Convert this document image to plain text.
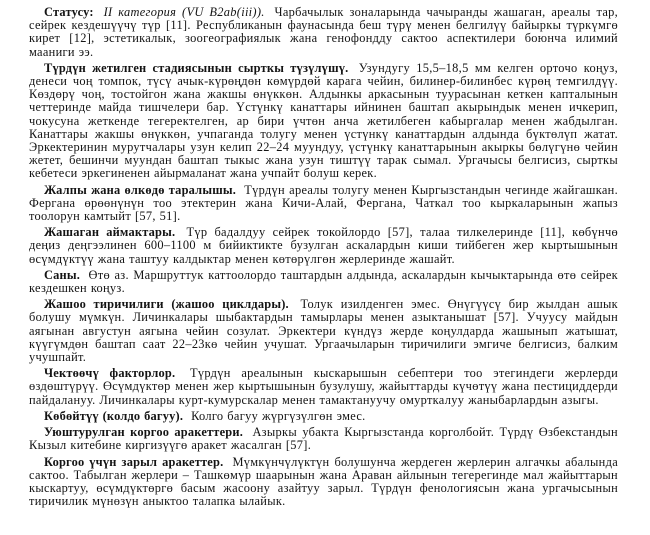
Статусу: II категория (VU B2ab(iii)). Чарбачылык зоналарында чачыранды жашаган, ареалы тар, сейрек кездешүүчү түр [11]. Республиканын фаунасында беш түрү менен белгилүү байыркы түркүмгө кирет [12], эстетикалык, зоогеографиялык жана генофондду сактоо аспектилери боюнча илимий мааниги ээ.

Түрдүн жетилген стадиясынын сырткы түзүлүшү. Узундугу 15,5–18,5 мм келген орточо коңуз, денеси чоң томпок, түсү ачык-күрөңдөн көмүрдөй карага чейин, билинер-билинбес күрөң темгилдүү. Көздөрү чоң, тостойгон жана жакшы өнүккөн. Алдынкы аркасынын туурасынан кеткен капталынын четтеринде майда тишчелери бар. Үстүнкү канаттары ийнинен баштап акырындык менен ичкерип, чокусуна жеткенде тегеректелген, ар бири үчтөн анча жетилбеген кабыргалар менен жабдылган. Канаттары жакшы өнүккөн, учпаганда толугу менен үстүнкү канаттардын алдында бүктөлүп жатат. Эркектеринин мурутчалары узун келип 22–24 муундуу, үстүнкү канаттарынын акыркы бөлүгүнө чейин жетет, бешинчи муундан баштап тыкыс жана узун тиштүү тарак сымал. Ургачысы белгисиз, сырткы кебетеси эркегиненен айырмаланат жана учпайт болуш керек.

Жалпы жана өлкөдө таралышы. Түрдүн ареалы толугу менен Кыргызстандын чегинде жайгашкан. Фергана өрөөнүнүн тоо этектерин жана Кичи-Алай, Фергана, Чаткал тоо кыркаларынын жапыз тоолорун камтыйт [57, 51].

Жашаган аймактары. Түр бадалдуу сейрек токойлордо [57], талаа тилкелеринде [11], көбүнчө деңиз деңгээлинен 600–1100 м бийиктикте бузулган аскалардын киши тийбеген жер кыртышынын өсүмдүктүү жана таштуу калдыктар менен көтөрүлгөн жерлеринде жашайт.

Саны. Өтө аз. Маршруттук каттоолордо таштардын алдында, аскалардын кычыктарында өтө сейрек кездешкен коңуз.

Жашоо тиричилиги (жашоо циклдары). Толук изилденген эмес. Өнүгүүсү бир жылдан ашык болушу мүмкүн. Личинкалары шыбактардын тамырлары менен азыктанышат [57]. Учуусу майдын аягынан августун аягына чейин созулат. Эркектери күндүз жерде коңулдарда жашынып жатышат, күүгүмдөн баштап саат 22–23кө чейин учушат. Ургаачыларын тиричилиги эмгиче белгисиз, балким учушпайт.

Чектөөчү факторлор. Түрдүн ареалынын кыскарышын себептери тоо этегиндеги жерлерди өздөштүрүү. Өсүмдүктөр менен жер кыртышынын бузулушу, жайыттарды күчөтүү жана пестициддерди пайдалануу. Личинкалары курт-кумурскалар менен тамактануучу омурткалуу жаныбарлардын азыгы.

Көбөйтүү (колдо багуу). Колго багуу жүргүзүлгөн эмес.

Уюштурулган коргоо аракеттери. Азыркы убакта Кыргызстанда корголбойт. Түрдү Өзбекстандын Кызыл китебине киргизүүгө аракет жасалган [57].

Коргоо үчүн зарыл аракеттер. Мүмкүнчүлүктүн болушунча жердеген жерлерин алгачкы абалында сактоо. Табылган жерлери – Ташкөмүр шаарынын жана Араван айлынын тегерегинде мал жайыттарын кыскартуу, өсүмдүктөргө басым жасоону азайтуу зарыл. Түрдүн фенологиясын жана ургачысынын тиричилик мүнөзүн аныктоо талапка ылайык.
